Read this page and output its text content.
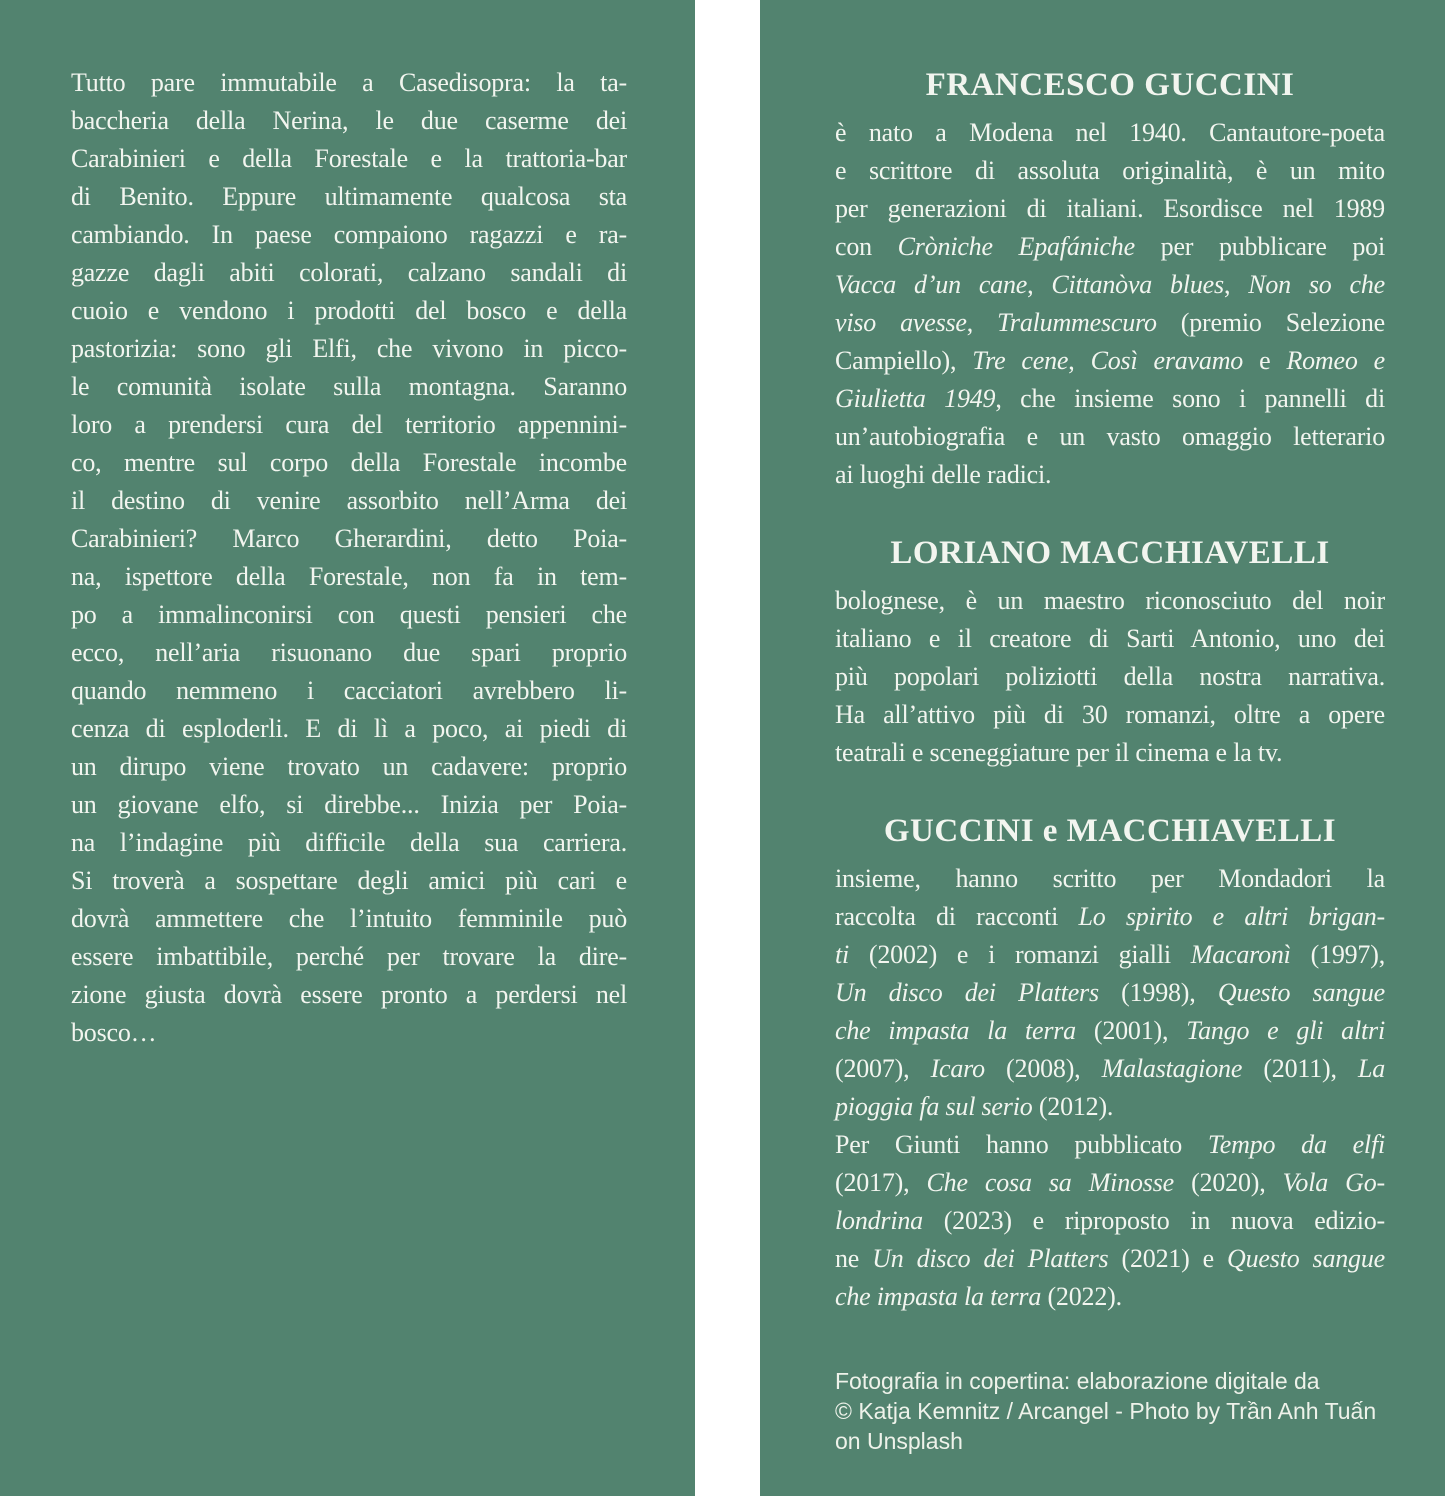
Tutto pare immutabile a Casedisopra: la ta-
baccheria della Nerina, le due caserme dei
Carabinieri e della Forestale e la trattoria-bar
di Benito. Eppure ultimamente qualcosa sta
cambiando. In paese compaiono ragazzi e ra-
gazze dagli abiti colorati, calzano sandali di
cuoio e vendono i prodotti del bosco e della
pastorizia: sono gli Elfi, che vivono in picco-
le comunità isolate sulla montagna. Saranno
loro a prendersi cura del territorio appennini-
co, mentre sul corpo della Forestale incombe
il destino di venire assorbito nell’Arma dei
Carabinieri? Marco Gherardini, detto Poia-
na, ispettore della Forestale, non fa in tem-
po a immalinconirsi con questi pensieri che
ecco, nell’aria risuonano due spari proprio
quando nemmeno i cacciatori avrebbero li-
cenza di esploderli. E di lì a poco, ai piedi di
un dirupo viene trovato un cadavere: proprio
un giovane elfo, si direbbe... Inizia per Poia-
na l’indagine più difficile della sua carriera.
Si troverà a sospettare degli amici più cari e
dovrà ammettere che l’intuito femminile può
essere imbattibile, perché per trovare la dire-
zione giusta dovrà essere pronto a perdersi nel
bosco…
FRANCESCO GUCCINI
è nato a Modena nel 1940. Cantautore-poeta
e scrittore di assoluta originalità, è un mito
per generazioni di italiani. Esordisce nel 1989
con Cròniche Epafániche per pubblicare poi
Vacca d’un cane, Cittanòva blues, Non so che
viso avesse, Tralummescuro (premio Selezione
Campiello), Tre cene, Così eravamo e Romeo e
Giulietta 1949, che insieme sono i pannelli di
un’autobiografia e un vasto omaggio letterario
ai luoghi delle radici.
LORIANO MACCHIAVELLI
bolognese, è un maestro riconosciuto del noir
italiano e il creatore di Sarti Antonio, uno dei
più popolari poliziotti della nostra narrativa.
Ha all’attivo più di 30 romanzi, oltre a opere
teatrali e sceneggiature per il cinema e la tv.
GUCCINI e MACCHIAVELLI
insieme, hanno scritto per Mondadori la
raccolta di racconti Lo spirito e altri brigan-
ti (2002) e i romanzi gialli Macaronì (1997),
Un disco dei Platters (1998), Questo sangue
che impasta la terra (2001), Tango e gli altri
(2007), Icaro (2008), Malastagione (2011), La
pioggia fa sul serio (2012).
Per Giunti hanno pubblicato Tempo da elfi
(2017), Che cosa sa Minosse (2020), Vola Go-
londrina (2023) e riproposto in nuova edizio-
ne Un disco dei Platters (2021) e Questo sangue
che impasta la terra (2022).
Fotografia in copertina: elaborazione digitale da
© Katja Kemnitz / Arcangel - Photo by Trần Anh Tuấn on Unsplash
